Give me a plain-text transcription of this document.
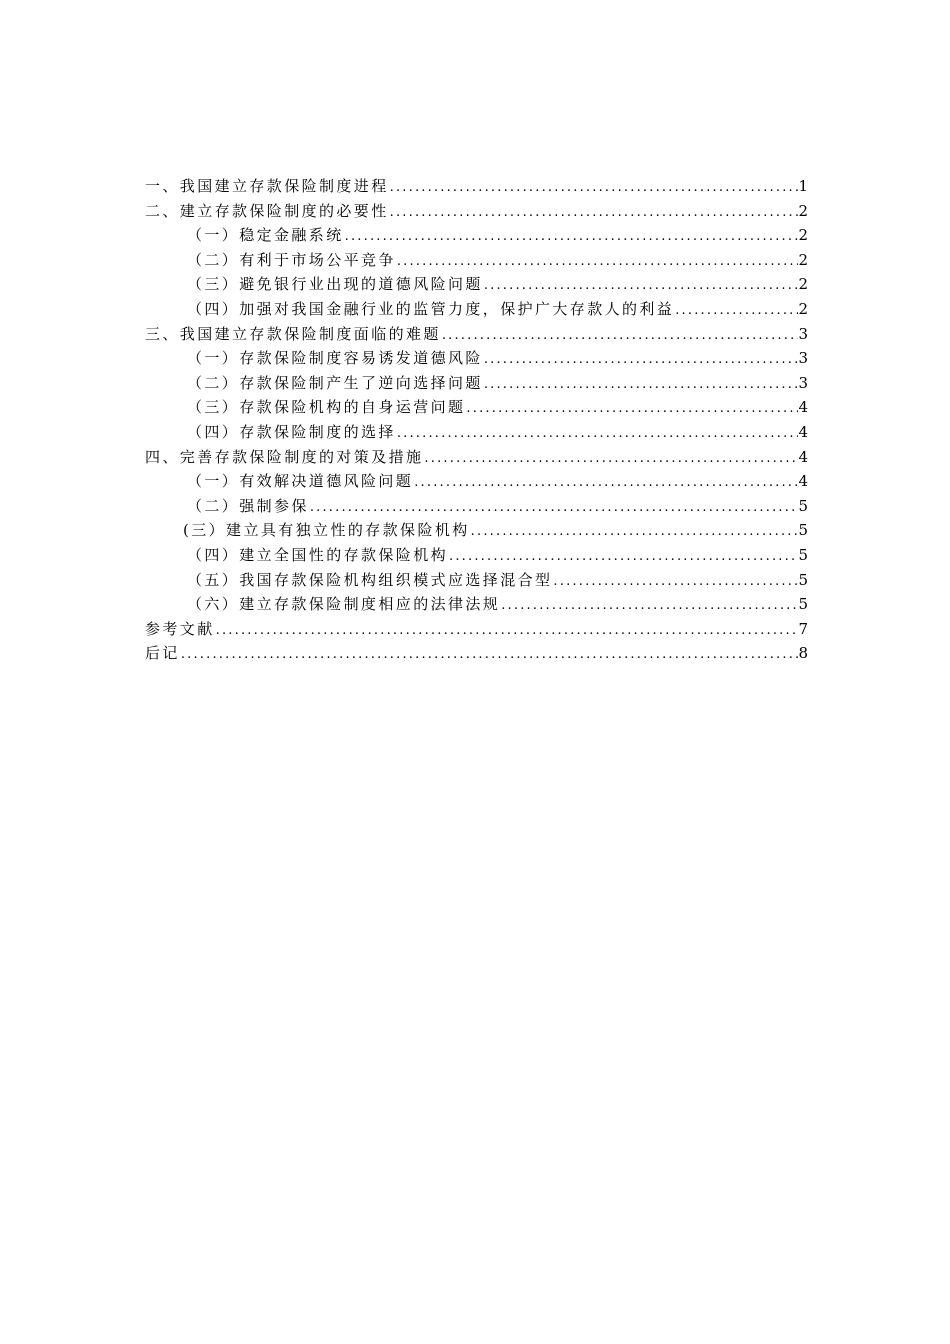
一、我国建立存款保险制度进程 .....	1
二、建立存款保险制度的必要性 .....	2
（一）稳定金融系统 .....	2
（二）有利于市场公平竞争 .....	2
（三）避免银行业出现的道德风险问题 .....	2
（四）加强对我国金融行业的监管力度，保护广大存款人的利益 .....	2
三、我国建立存款保险制度面临的难题 .....	3
（一）存款保险制度容易诱发道德风险 .....	3
（二）存款保险制产生了逆向选择问题 .....	3
（三）存款保险机构的自身运营问题 .....	4
（四）存款保险制度的选择 .....	4
四、完善存款保险制度的对策及措施 .....	4
（一）有效解决道德风险问题 .....	4
（二）强制参保 .....	5
(三）建立具有独立性的存款保险机构 .....	5
（四）建立全国性的存款保险机构 .....	5
（五）我国存款保险机构组织模式应选择混合型 .....	5
（六）建立存款保险制度相应的法律法规 .....	5
参考文献 .....	7
后记 .....	8
